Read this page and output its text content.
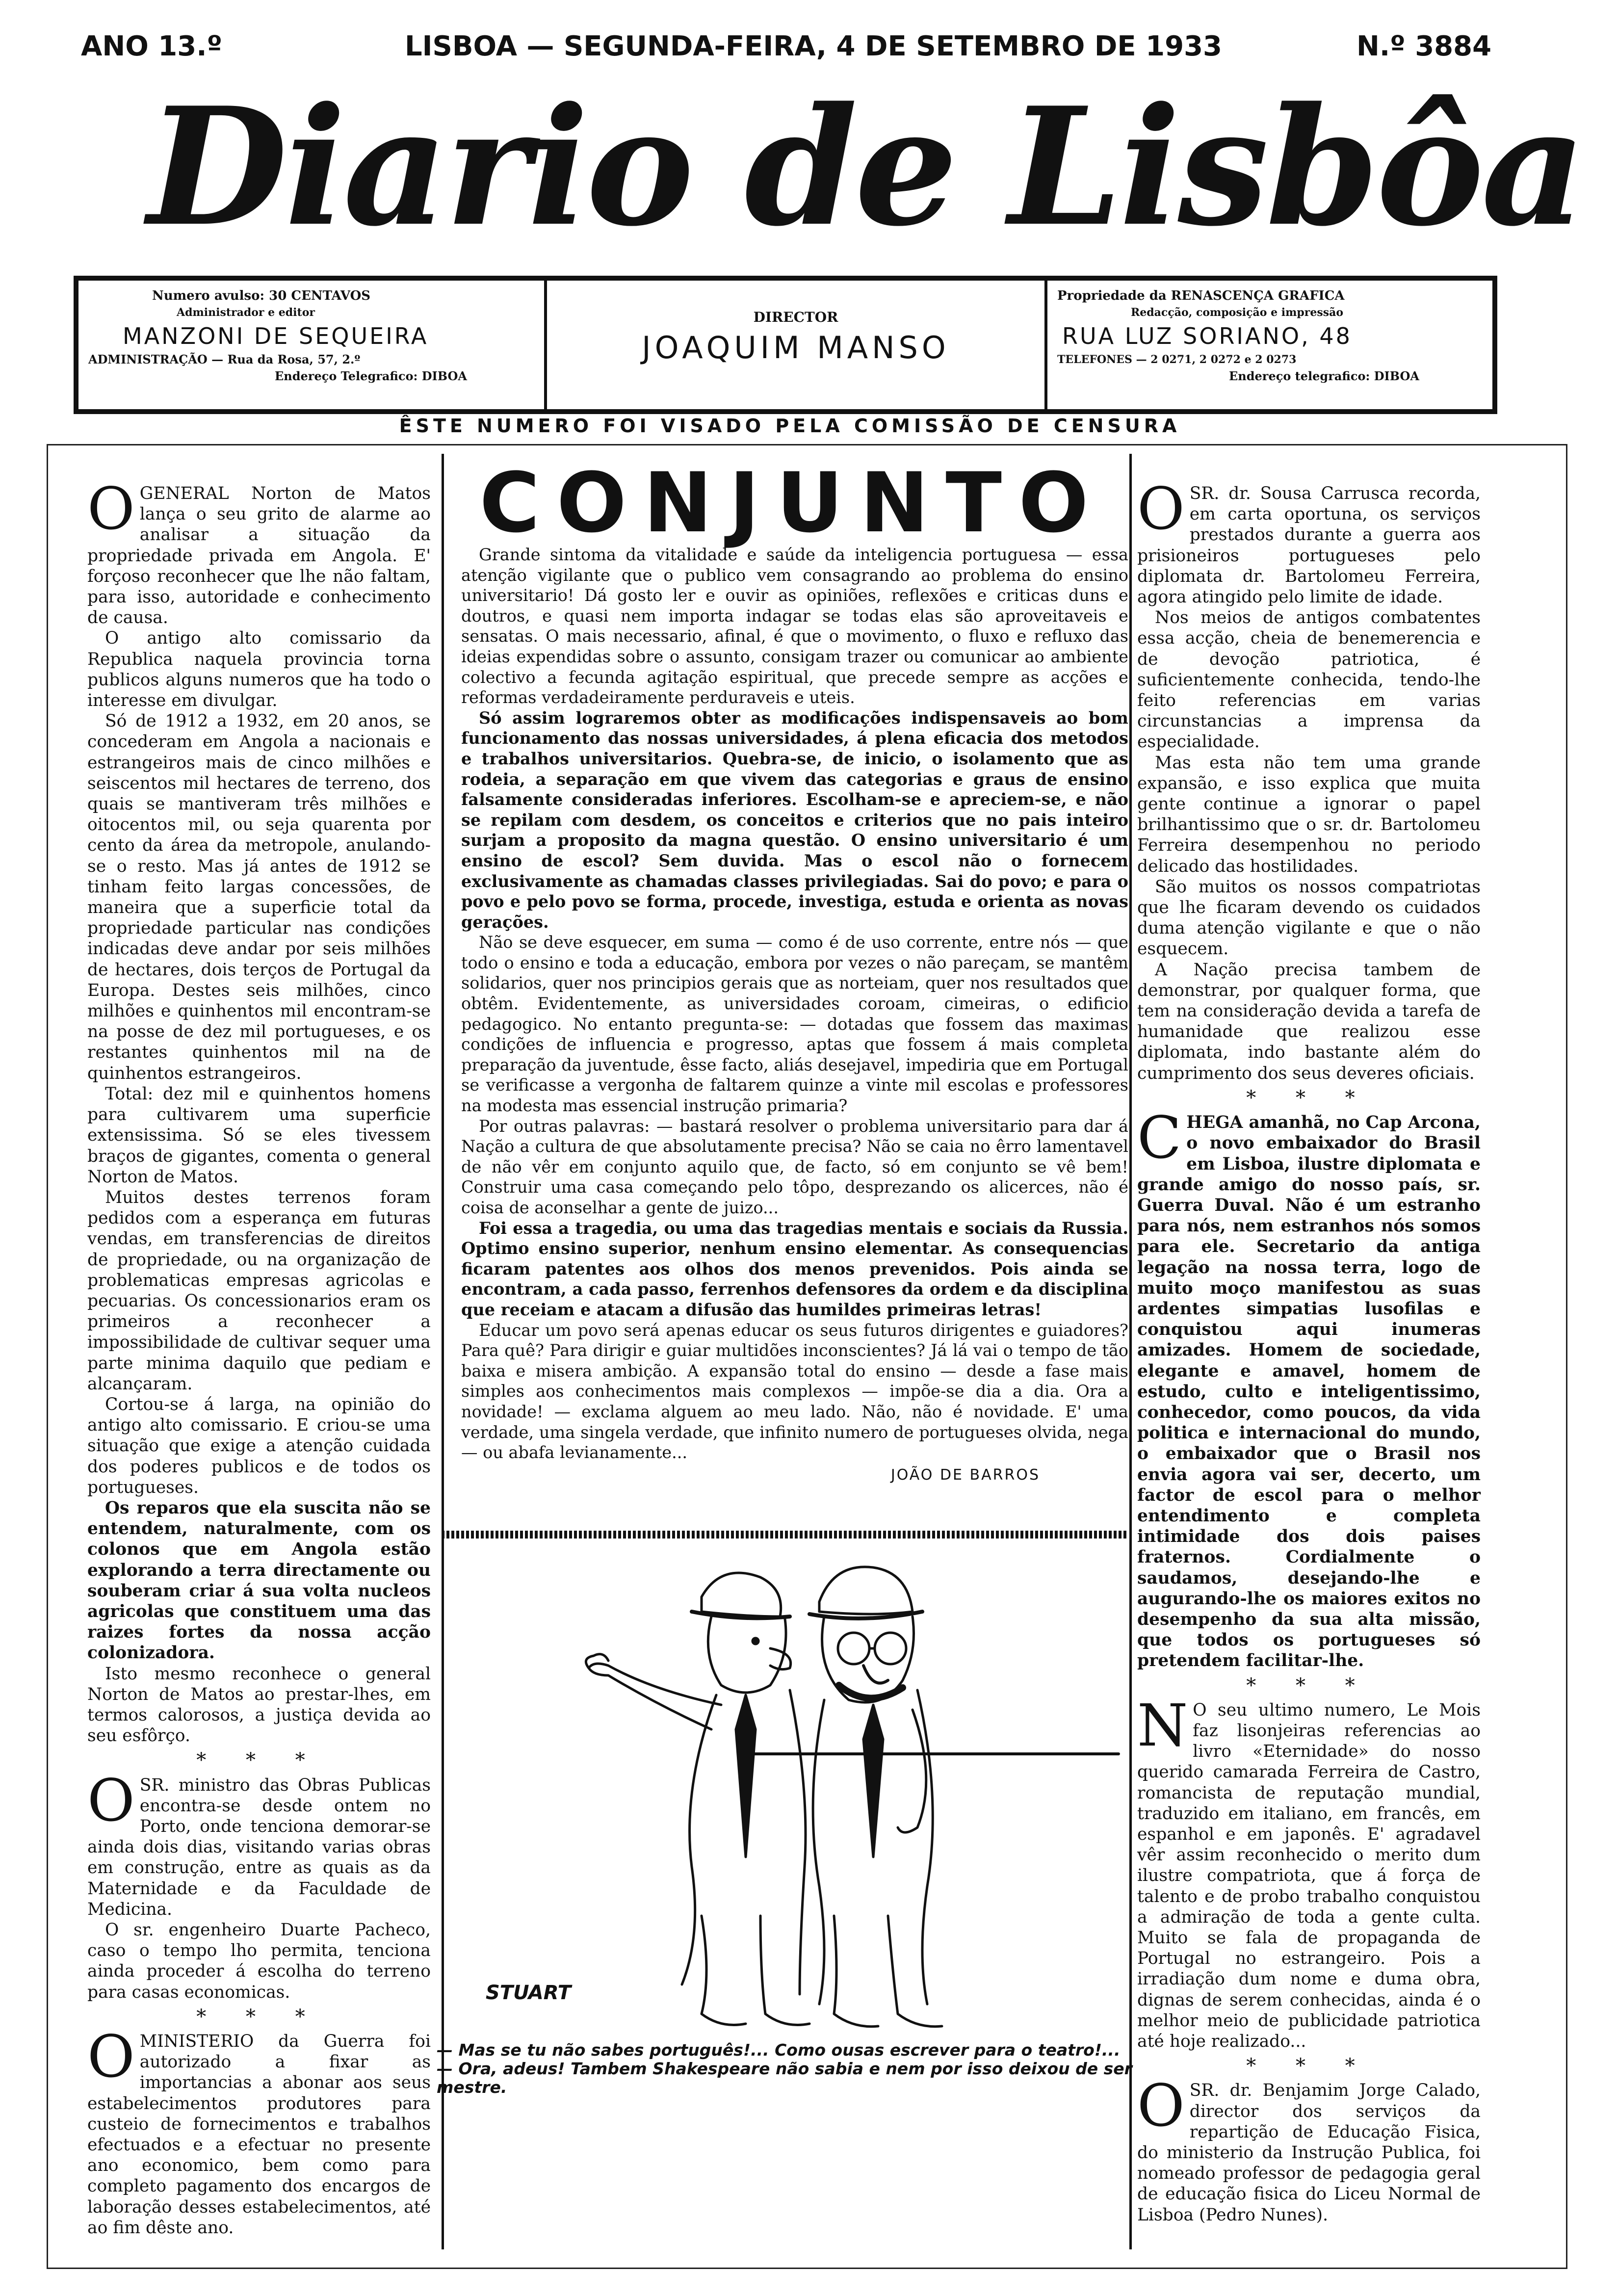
ANO 13.º	LISBOA — SEGUNDA-FEIRA, 4 DE SETEMBRO DE 1933	N.º 3884
Diario de Lisbôa
Numero avulso: 30 CENTAVOS
Administrador e editor
MANZONI DE SEQUEIRA
ADMINISTRAÇÃO — Rua da Rosa, 57, 2.º
Endereço Telegrafico: DIBOA
DIRECTOR
JOAQUIM MANSO
Propriedade da RENASCENÇA GRAFICA
Redacção, composição e impressão
RUA LUZ SORIANO, 48
TELEFONES — 2 0271, 2 0272 e 2 0273
Endereço telegrafico: DIBOA
ÊSTE NUMERO FOI VISADO PELA COMISSÃO DE CENSURA

OGENERAL Norton de Matos lança o seu grito de alarme ao analisar a situação da propriedade privada em Angola. E' forçoso reconhecer que lhe não faltam, para isso, autoridade e conhecimento de causa.

O antigo alto comissario da Republica naquela provincia torna publicos alguns numeros que ha todo o interesse em divulgar.

Só de 1912 a 1932, em 20 anos, se concederam em Angola a nacionais e estrangeiros mais de cinco milhões e seiscentos mil hectares de terreno, dos quais se mantiveram três milhões e oitocentos mil, ou seja quarenta por cento da área da metropole, anulando-se o resto. Mas já antes de 1912 se tinham feito largas concessões, de maneira que a superficie total da propriedade particular nas condições indicadas deve andar por seis milhões de hectares, dois terços de Portugal da Europa. Destes seis milhões, cinco milhões e quinhentos mil encontram-se na posse de dez mil portugueses, e os restantes quinhentos mil na de quinhentos estrangeiros.

Total: dez mil e quinhentos homens para cultivarem uma superficie extensissima. Só se eles tivessem braços de gigantes, comenta o general Norton de Matos.

Muitos destes terrenos foram pedidos com a esperança em futuras vendas, em transferencias de direitos de propriedade, ou na organização de problematicas empresas agricolas e pecuarias. Os concessionarios eram os primeiros a reconhecer a impossibilidade de cultivar sequer uma parte minima daquilo que pediam e alcançaram.

Cortou-se á larga, na opinião do antigo alto comissario. E criou-se uma situação que exige a atenção cuidada dos poderes publicos e de todos os portugueses.

Os reparos que ela suscita não se entendem, naturalmente, com os colonos que em Angola estão explorando a terra directamente ou souberam criar á sua volta nucleos agricolas que constituem uma das raizes fortes da nossa acção colonizadora.

Isto mesmo reconhece o general Norton de Matos ao prestar-lhes, em termos calorosos, a justiça devida ao seu esfôrço.

* * *

OSR. ministro das Obras Publicas encontra-se desde ontem no Porto, onde tenciona demorar-se ainda dois dias, visitando varias obras em construção, entre as quais as da Maternidade e da Faculdade de Medicina.

O sr. engenheiro Duarte Pacheco, caso o tempo lho permita, tenciona ainda proceder á escolha do terreno para casas economicas.

* * *

OMINISTERIO da Guerra foi autorizado a fixar as importancias a abonar aos seus estabelecimentos produtores para custeio de fornecimentos e trabalhos efectuados e a efectuar no presente ano economico, bem como para completo pagamento dos encargos de laboração desses estabelecimentos, até ao fim dêste ano.

CONJUNTO

Grande sintoma da vitalidade e saúde da inteligencia portuguesa — essa atenção vigilante que o publico vem consagrando ao problema do ensino universitario! Dá gosto ler e ouvir as opiniões, reflexões e criticas duns e doutros, e quasi nem importa indagar se todas elas são aproveitaveis e sensatas. O mais necessario, afinal, é que o movimento, o fluxo e refluxo das ideias expendidas sobre o assunto, consigam trazer ou comunicar ao ambiente colectivo a fecunda agitação espiritual, que precede sempre as acções e reformas verdadeiramente perduraveis e uteis.

Só assim lograremos obter as modificações indispensaveis ao bom funcionamento das nossas universidades, á plena eficacia dos metodos e trabalhos universitarios. Quebra-se, de inicio, o isolamento que as rodeia, a separação em que vivem das categorias e graus de ensino falsamente consideradas inferiores. Escolham-se e apreciem-se, e não se repilam com desdem, os conceitos e criterios que no pais inteiro surjam a proposito da magna questão. O ensino universitario é um ensino de escol? Sem duvida. Mas o escol não o fornecem exclusivamente as chamadas classes privilegiadas. Sai do povo; e para o povo e pelo povo se forma, procede, investiga, estuda e orienta as novas gerações.

Não se deve esquecer, em suma — como é de uso corrente, entre nós — que todo o ensino e toda a educação, embora por vezes o não pareçam, se mantêm solidarios, quer nos principios gerais que as norteiam, quer nos resultados que obtêm. Evidentemente, as universidades coroam, cimeiras, o edificio pedagogico. No entanto pregunta-se: — dotadas que fossem das maximas condições de influencia e progresso, aptas que fossem á mais completa preparação da juventude, êsse facto, aliás desejavel, impediria que em Portugal se verificasse a vergonha de faltarem quinze a vinte mil escolas e professores na modesta mas essencial instrução primaria?

Por outras palavras: — bastará resolver o problema universitario para dar á Nação a cultura de que absolutamente precisa? Não se caia no êrro lamentavel de não vêr em conjunto aquilo que, de facto, só em conjunto se vê bem! Construir uma casa começando pelo tôpo, desprezando os alicerces, não é coisa de aconselhar a gente de juizo...

Foi essa a tragedia, ou uma das tragedias mentais e sociais da Russia. Optimo ensino superior, nenhum ensino elementar. As consequencias ficaram patentes aos olhos dos menos prevenidos. Pois ainda se encontram, a cada passo, ferrenhos defensores da ordem e da disciplina que receiam e atacam a difusão das humildes primeiras letras!

Educar um povo será apenas educar os seus futuros dirigentes e guiadores? Para quê? Para dirigir e guiar multidões inconscientes? Já lá vai o tempo de tão baixa e misera ambição. A expansão total do ensino — desde a fase mais simples aos conhecimentos mais complexos — impõe-se dia a dia. Ora a novidade! — exclama alguem ao meu lado. Não, não é novidade. E' uma verdade, uma singela verdade, que infinito numero de portugueses olvida, nega — ou abafa levianamente...

JOÃO DE BARROS
STUART

— Mas se tu não sabes português!... Como ousas escrever para o teatro!...

— Ora, adeus! Tambem Shakespeare não sabia e nem por isso deixou de ser mestre.

OSR. dr. Sousa Carrusca recorda, em carta oportuna, os serviços prestados durante a guerra aos prisioneiros portugueses pelo diplomata dr. Bartolomeu Ferreira, agora atingido pelo limite de idade.

Nos meios de antigos combatentes essa acção, cheia de benemerencia e de devoção patriotica, é suficientemente conhecida, tendo-lhe feito referencias em varias circunstancias a imprensa da especialidade.

Mas esta não tem uma grande expansão, e isso explica que muita gente continue a ignorar o papel brilhantissimo que o sr. dr. Bartolomeu Ferreira desempenhou no periodo delicado das hostilidades.

São muitos os nossos compatriotas que lhe ficaram devendo os cuidados duma atenção vigilante e que o não esquecem.

A Nação precisa tambem de demonstrar, por qualquer forma, que tem na consideração devida a tarefa de humanidade que realizou esse diplomata, indo bastante além do cumprimento dos seus deveres oficiais.

* * *

CHEGA amanhã, no Cap Arcona, o novo embaixador do Brasil em Lisboa, ilustre diplomata e grande amigo do nosso país, sr. Guerra Duval. Não é um estranho para nós, nem estranhos nós somos para ele. Secretario da antiga legação na nossa terra, logo de muito moço manifestou as suas ardentes simpatias lusofilas e conquistou aqui inumeras amizades. Homem de sociedade, elegante e amavel, homem de estudo, culto e inteligentissimo, conhecedor, como poucos, da vida politica e internacional do mundo, o embaixador que o Brasil nos envia agora vai ser, decerto, um factor de escol para o melhor entendimento e completa intimidade dos dois paises fraternos. Cordialmente o saudamos, desejando-lhe e augurando-lhe os maiores exitos no desempenho da sua alta missão, que todos os portugueses só pretendem facilitar-lhe.

* * *

NO seu ultimo numero, Le Mois faz lisonjeiras referencias ao livro «Eternidade» do nosso querido camarada Ferreira de Castro, romancista de reputação mundial, traduzido em italiano, em francês, em espanhol e em japonês. E' agradavel vêr assim reconhecido o merito dum ilustre compatriota, que á força de talento e de probo trabalho conquistou a admiração de toda a gente culta. Muito se fala de propaganda de Portugal no estrangeiro. Pois a irradiação dum nome e duma obra, dignas de serem conhecidas, ainda é o melhor meio de publicidade patriotica até hoje realizado...

* * *

OSR. dr. Benjamim Jorge Calado, director dos serviços da repartição de Educação Fisica, do ministerio da Instrução Publica, foi nomeado professor de pedagogia geral de educação fisica do Liceu Normal de Lisboa (Pedro Nunes).
